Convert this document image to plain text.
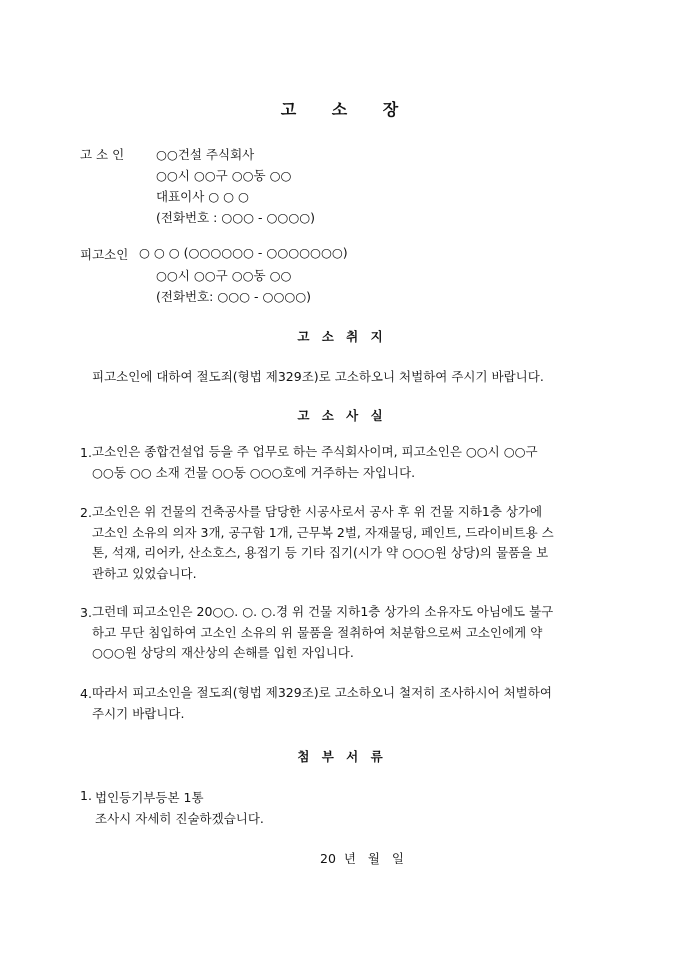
고 소 장
고 소 인	○○건설 주식회사
○○시 ○○구 ○○동 ○○
대표이사 ○ ○ ○
(전화번호 : ○○○ - ○○○○)
피고소인 ○ ○ ○ (○○○○○○ - ○○○○○○○)
○○시 ○○구 ○○동 ○○
(전화번호: ○○○ - ○○○○)
고 소 취 지
피고소인에 대하여 절도죄(형법 제329조)로 고소하오니 처벌하여 주시기 바랍니다.
고 소 사 실
1. 고소인은 종합건설업 등을 주 업무로 하는 주식회사이며, 피고소인은 ○○시 ○○구
○○동 ○○ 소재 건물 ○○동 ○○○호에 거주하는 자입니다.
2. 고소인은 위 건물의 건축공사를 담당한 시공사로서 공사 후 위 건물 지하1층 상가에
고소인 소유의 의자 3개, 공구함 1개, 근무복 2벌, 자재물딩, 페인트, 드라이비트용 스
톤, 석재, 리어카, 산소호스, 용접기 등 기타 집기(시가 약 ○○○원 상당)의 물품을 보
관하고 있었습니다.
3. 그런데 피고소인은 20○○. ○. ○.경 위 건물 지하1층 상가의 소유자도 아님에도 불구
하고 무단 침입하여 고소인 소유의 위 물품을 절취하여 처분함으로써 고소인에게 약
○○○원 상당의 재산상의 손해를 입힌 자입니다.
4. 따라서 피고소인을 절도죄(형법 제329조)로 고소하오니 철저히 조사하시어 처벌하여
주시기 바랍니다.
첨 부 서 류
1. 법인등기부등본 1통
조사시 자세히 진술하겠습니다.
20  년   월   일
